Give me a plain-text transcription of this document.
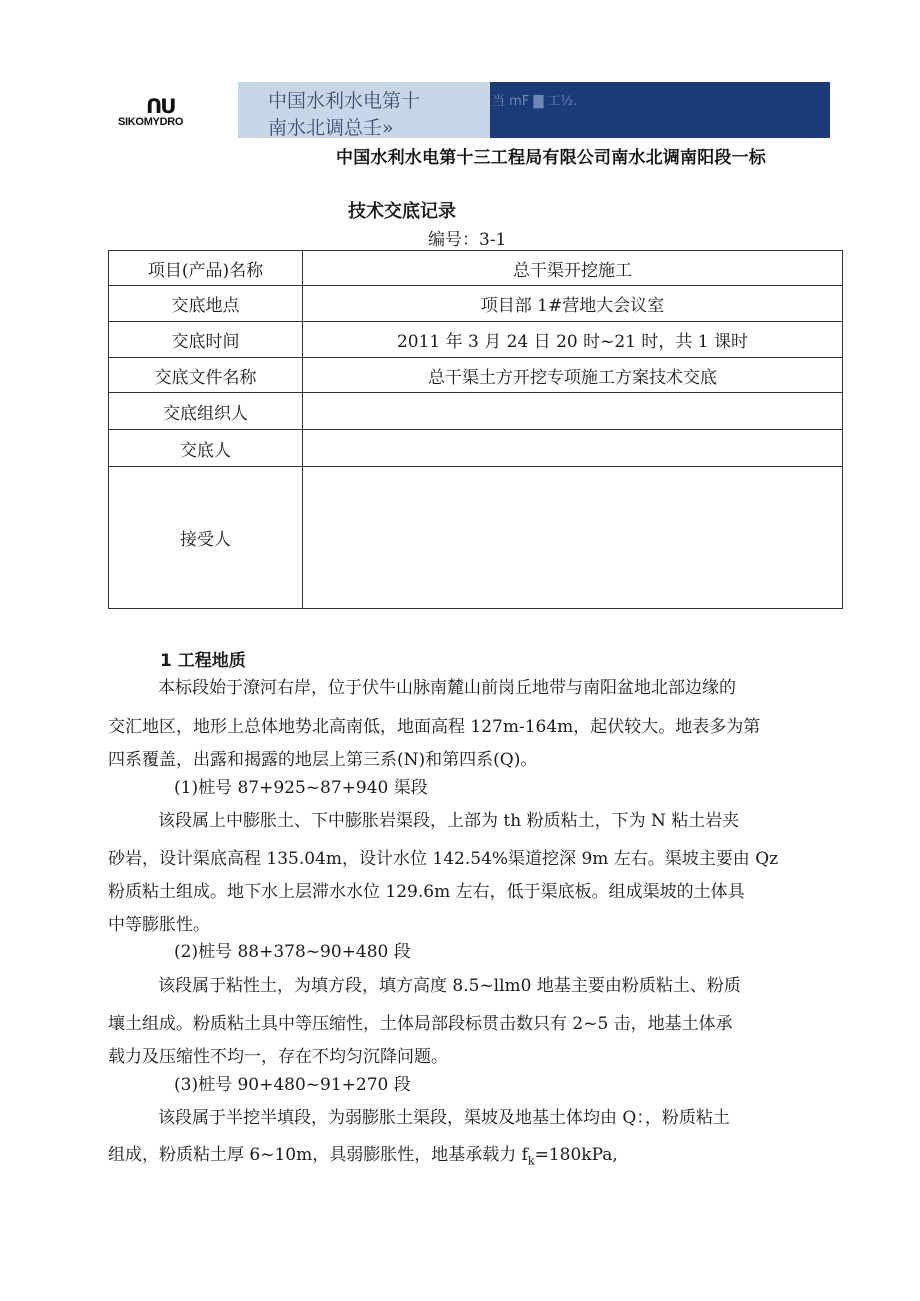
ᑎᑌ
SIKOMYDRO
中国水利水电第十
南水北调总壬»
当 mF ▇ 工½.
中国水利水电第十三工程局有限公司南水北调南阳段一标
技术交底记录
编号：3-1
项目(产品)名称	总干渠开挖施工
交底地点	项目部 1#营地大会议室
交底时间	2011 年 3 月 24 日 20 时~21 时，共 1 课时
交底文件名称	总干渠土方开挖专项施工方案技术交底
交底组织人	
交底人	
接受人	
1 工程地质
本标段始于潦河右岸，位于伏牛山脉南麓山前岗丘地带与南阳盆地北部边缘的
交汇地区，地形上总体地势北高南低，地面高程 127m-164m，起伏较大。地表多为第
四系覆盖，出露和揭露的地层上第三系(N)和第四系(Q)。
(1)桩号 87+925~87+940 渠段
该段属上中膨胀土、下中膨胀岩渠段，上部为 th 粉质粘土，下为 N 粘土岩夹
砂岩，设计渠底高程 135.04m，设计水位 142.54%渠道挖深 9m 左右。渠坡主要由 Qz
粉质粘土组成。地下水上层滞水水位 129.6m 左右，低于渠底板。组成渠坡的土体具
中等膨胀性。
(2)桩号 88+378~90+480 段
该段属于粘性土，为填方段，填方高度 8.5~llm0 地基主要由粉质粘土、粉质
壤土组成。粉质粘土具中等压缩性，土体局部段标贯击数只有 2~5 击，地基土体承
载力及压缩性不均一，存在不均匀沉降问题。
(3)桩号 90+480~91+270 段
该段属于半挖半填段，为弱膨胀土渠段，渠坡及地基土体均由 Q：，粉质粘土
组成，粉质粘土厚 6~10m，具弱膨胀性，地基承载力 $f_k=180kPa$,
